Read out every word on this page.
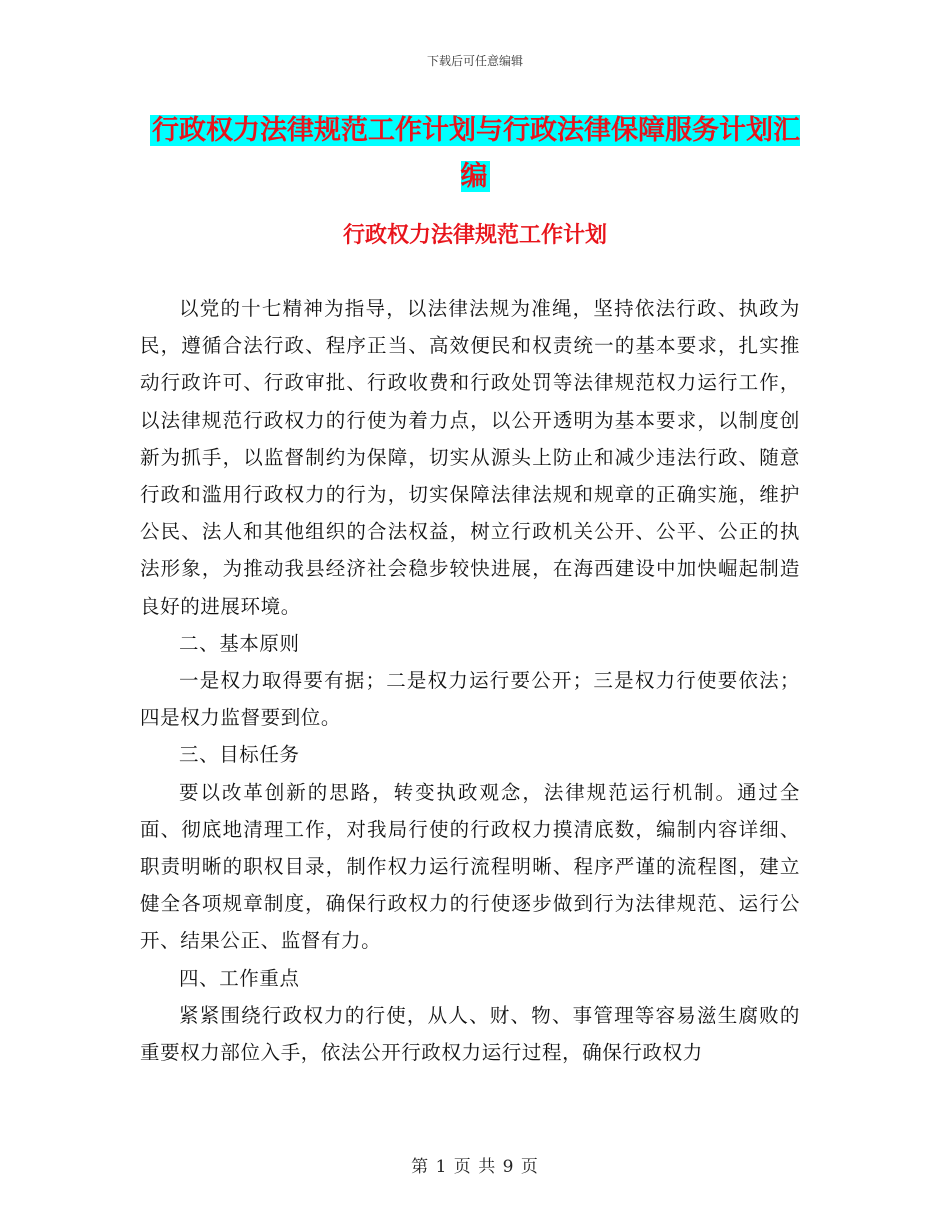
下载后可任意编辑
行政权力法律规范工作计划与行政法律保障服务计划汇编
行政权力法律规范工作计划

以党的十七精神为指导，以法律法规为准绳，坚持依法行政、执政为民，遵循合法行政、程序正当、高效便民和权责统一的基本要求，扎实推动行政许可、行政审批、行政收费和行政处罚等法律规范权力运行工作，以法律规范行政权力的行使为着力点，以公开透明为基本要求，以制度创新为抓手，以监督制约为保障，切实从源头上防止和减少违法行政、随意行政和滥用行政权力的行为，切实保障法律法规和规章的正确实施，维护公民、法人和其他组织的合法权益，树立行政机关公开、公平、公正的执法形象，为推动我县经济社会稳步较快进展，在海西建设中加快崛起制造良好的进展环境。

二、基本原则

一是权力取得要有据；二是权力运行要公开；三是权力行使要依法；四是权力监督要到位。

三、目标任务

要以改革创新的思路，转变执政观念，法律规范运行机制。通过全面、彻底地清理工作，对我局行使的行政权力摸清底数，编制内容详细、职责明晰的职权目录，制作权力运行流程明晰、程序严谨的流程图，建立健全各项规章制度，确保行政权力的行使逐步做到行为法律规范、运行公开、结果公正、监督有力。

四、工作重点

紧紧围绕行政权力的行使，从人、财、物、事管理等容易滋生腐败的重要权力部位入手，依法公开行政权力运行过程，确保行政权力

第 1 页 共 9 页
